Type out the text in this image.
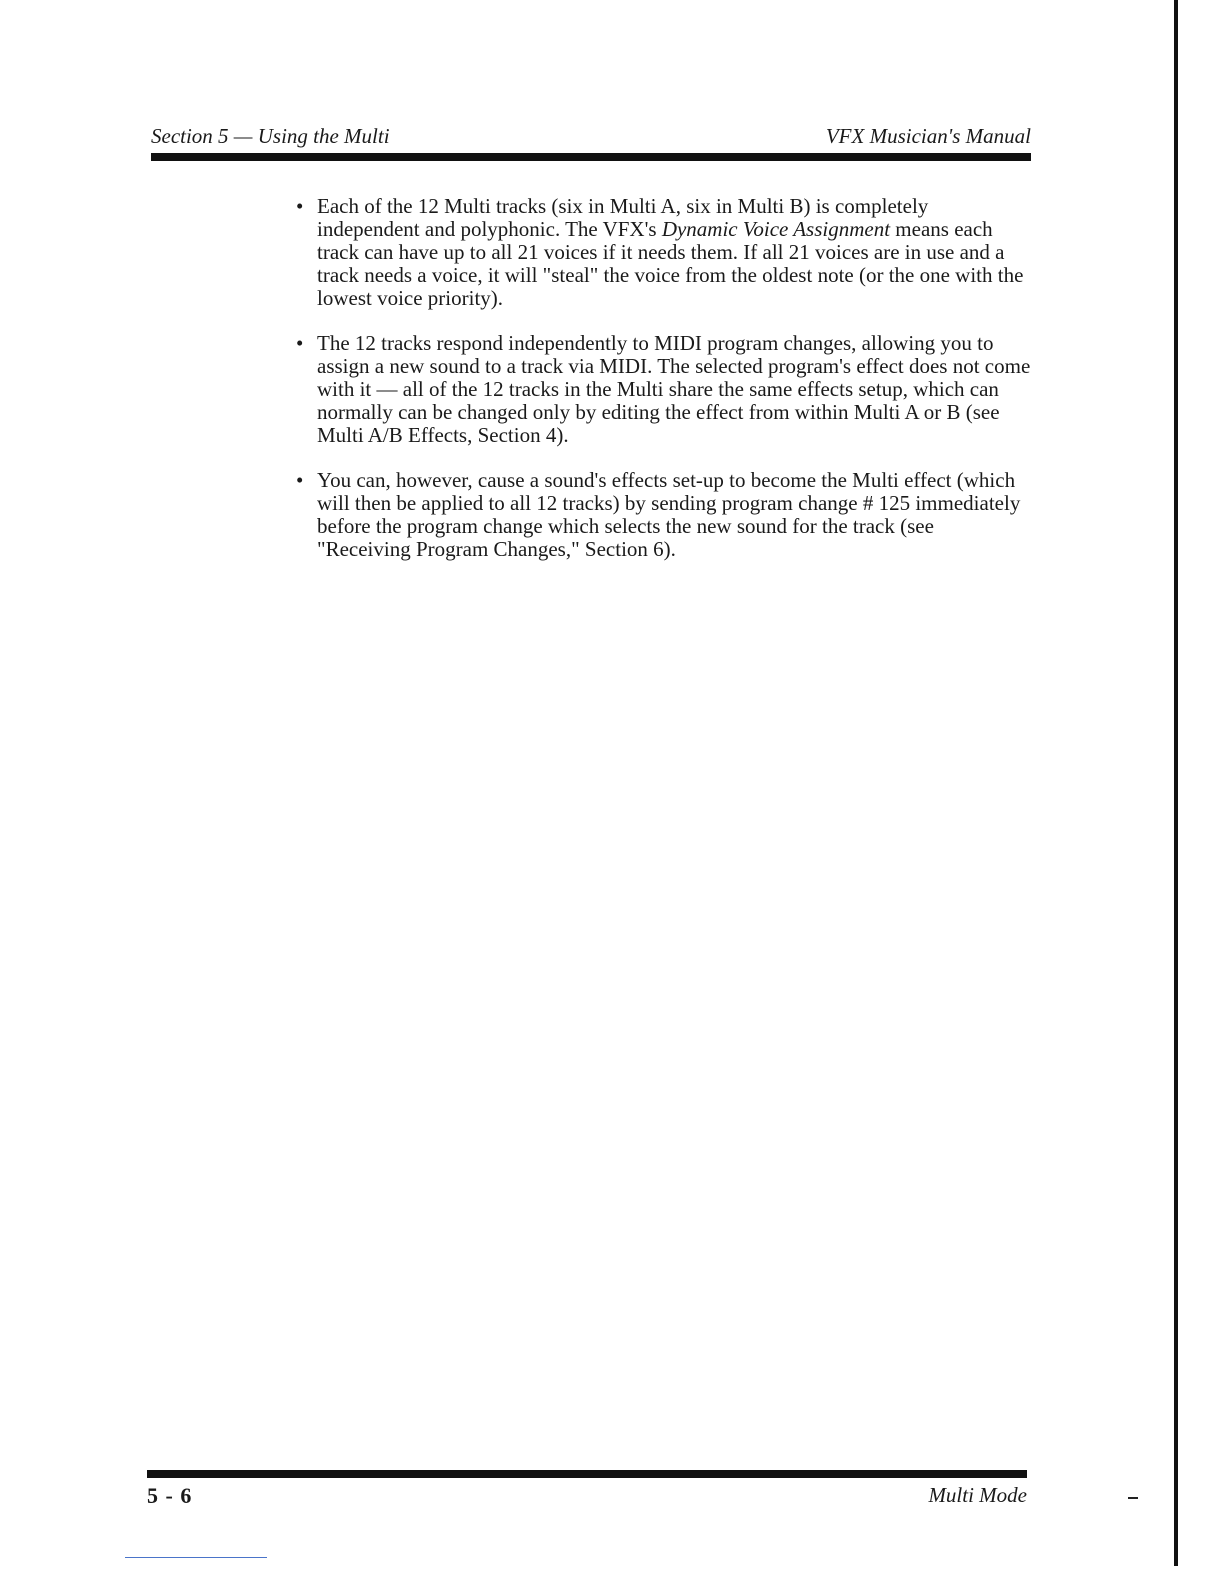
Section 5 — Using the Multi	VFX Musician's Manual
• Each of the 12 Multi tracks (six in Multi A, six in Multi B) is completely independent and polyphonic. The VFX's Dynamic Voice Assignment means each track can have up to all 21 voices if it needs them. If all 21 voices are in use and a track needs a voice, it will "steal" the voice from the oldest note (or the one with the lowest voice priority).
• The 12 tracks respond independently to MIDI program changes, allowing you to assign a new sound to a track via MIDI. The selected program's effect does not come with it — all of the 12 tracks in the Multi share the same effects setup, which can normally can be changed only by editing the effect from within Multi A or B (see Multi A/B Effects, Section 4).
• You can, however, cause a sound's effects set-up to become the Multi effect (which will then be applied to all 12 tracks) by sending program change # 125 immediately before the program change which selects the new sound for the track (see "Receiving Program Changes," Section 6).
5 - 6	Multi Mode
